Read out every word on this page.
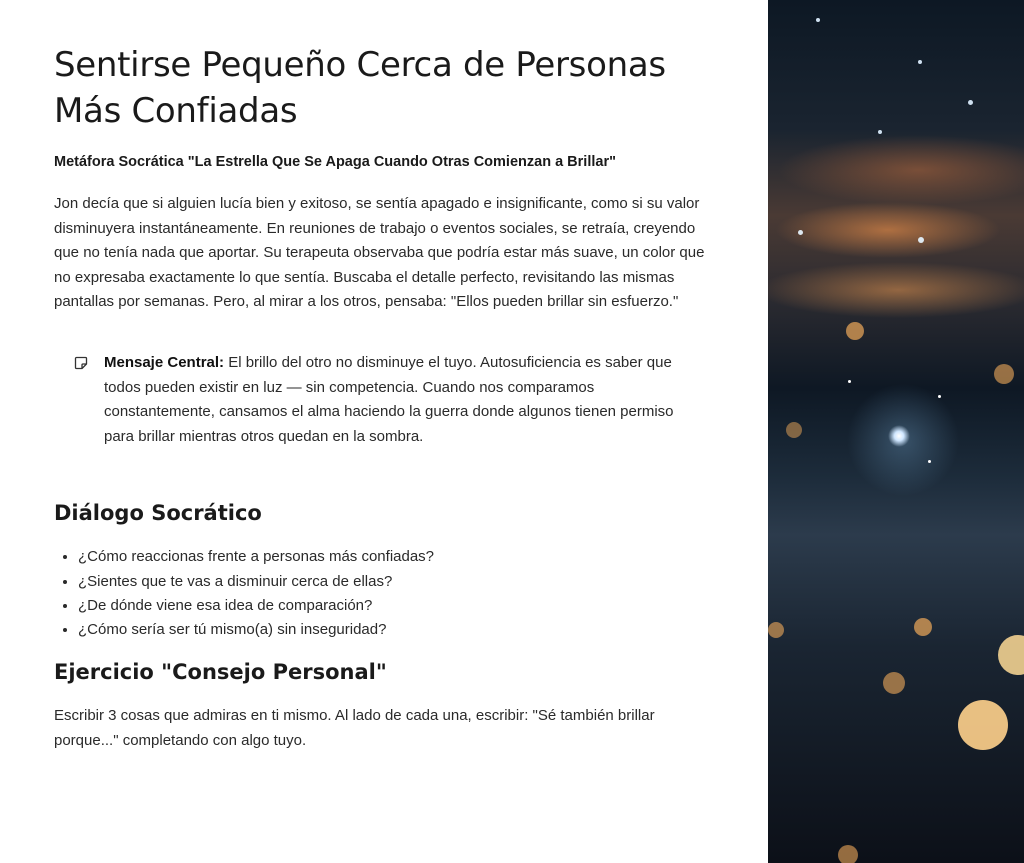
Sentirse Pequeño Cerca de Personas Más Confiadas
Metáfora Socrática "La Estrella Que Se Apaga Cuando Otras Comienzan a Brillar"

Jon decía que si alguien lucía bien y exitoso, se sentía apagado e insignificante, como si su valor disminuyera instantáneamente. En reuniones de trabajo o eventos sociales, se retraía, creyendo que no tenía nada que aportar. Su terapeuta observaba que podría estar más suave, un color que no expresaba exactamente lo que sentía. Buscaba el detalle perfecto, revisitando las mismas pantallas por semanas. Pero, al mirar a los otros, pensaba: "Ellos pueden brillar sin esfuerzo."

Mensaje Central: El brillo del otro no disminuye el tuyo. Autosuficiencia es saber que todos pueden existir en luz — sin competencia. Cuando nos comparamos constantemente, cansamos el alma haciendo la guerra donde algunos tienen permiso para brillar mientras otros quedan en la sombra.
Diálogo Socrático
• ¿Cómo reaccionas frente a personas más confiadas?
• ¿Sientes que te vas a disminuir cerca de ellas?
• ¿De dónde viene esa idea de comparación?
• ¿Cómo sería ser tú mismo(a) sin inseguridad?
Ejercicio "Consejo Personal"

Escribir 3 cosas que admiras en ti mismo. Al lado de cada una, escribir: "Sé también brillar porque..." completando con algo tuyo.
